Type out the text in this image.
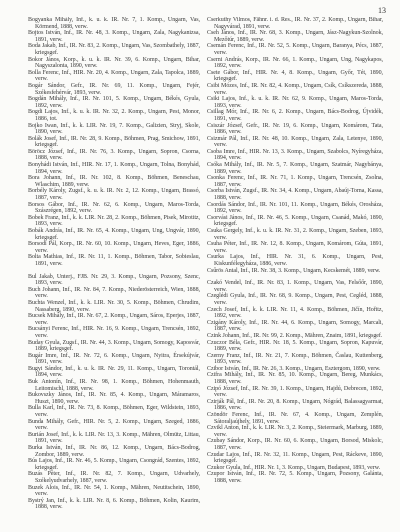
13

Bogyanka Mihály, Inf., k. u. k. IR. Nr. 7, 1. Komp., Ungarn, Vas, Körmend, 1888, verw.

Bojtos István, Inf., IR. Nr. 48, 3. Komp., Ungarn, Zala, Nagykanizsa, 1891, verw.

Boda Jakab, Inf., IR. Nr. 83, 2. Komp., Ungarn, Vas, Szombathely, 1887, kriegsgef.

Bokor János, Korp., k. u. k. IR. Nr. 39, 6. Komp., Ungarn, Bihar, Nagyszalonta, 1890, verw.

Bolla Ferenc, Inf., HIR. Nr. 20, 4. Komp., Ungarn, Zala, Tapolca, 1889, verw.

Bogár Sándor, Gefr., IR. Nr. 69, 11. Komp., Ungarn, Fejér, Székesfehérvár, 1893, verw.

Bogdán Mihály, Inf., IR. Nr. 101, 5. Komp., Ungarn, Békés, Gyula, 1892, verw.

Bogdi Lajos, Inf., k. u. k. IR. Nr. 32, 2. Komp., Ungarn, Pest, Monor, 1886, tot.

Bojko Iwan, Inf., k. k. LIR. Nr. 19, 7. Komp., Galizien, Stryj, Skole, 1890, verw.

Bolák Josef, Inf., IR. Nr. 28, 9. Komp., Böhmen, Prag, Smichow, 1891, kriegsgef.

Böröcz József, Inf., IR. Nr. 76, 3. Komp., Ungarn, Sopron, Csorna, 1888, verw.

Bonyhádi István, Inf., HIR. Nr. 17, 1. Komp., Ungarn, Tolna, Bonyhád, 1894, verw.

Bora Johann, Inf., IR. Nr. 102, 8. Komp., Böhmen, Beneschau, Wlaschim, 1889, verw.

Borbély Károly, Zugsf., k. u. k. IR. Nr. 2, 12. Komp., Ungarn, Brassó, 1887, verw.

Borsos Gábor, Inf., IR. Nr. 62, 6. Komp., Ungarn, Maros-Torda, Szászrégen, 1892, verw.

Bobek Franz, Inf., k. k. LIR. Nr. 28, 2. Komp., Böhmen, Pisek, Mirotitz, 1893, verw.

Bobák András, Inf., IR. Nr. 65, 4. Komp., Ungarn, Ung, Ungvár, 1890, kriegsgef.

Borsodi Pál, Korp., IR. Nr. 60, 10. Komp., Ungarn, Heves, Eger, 1886, verw.

Bolta Mathias, Inf., IR. Nr. 11, 1. Komp., Böhmen, Tabor, Sobieslau, 1891, verw.

Bul Jakab, Unterj., FJB. Nr. 29, 3. Komp., Ungarn, Pozsony, Szenc, 1893, verw.

Buch Johann, Inf., IR. Nr. 84, 7. Komp., Niederösterreich, Wien, 1888, verw.

Buchta Wenzel, Inf., k. k. LIR. Nr. 30, 5. Komp., Böhmen, Chrudim, Nassaberg, 1890, verw.

Bucsek Mihály, Inf., IR. Nr. 67, 2. Komp., Ungarn, Sáros, Eperjes, 1887, verw.

Bucsányi Ferenc, Inf., HIR. Nr. 16, 9. Komp., Ungarn, Trencsén, 1892, verw.

Buday Gyula, Zugsf., IR. Nr. 44, 3. Komp., Ungarn, Somogy, Kaposvár, 1889, kriegsgef.

Bugár Imre, Inf., IR. Nr. 72, 6. Komp., Ungarn, Nyitra, Érsekújvár, 1891, verw.

Bugyi Sándor, Inf., k. u. k. IR. Nr. 29, 11. Komp., Ungarn, Torontál, 1894, verw.

Buk Antonín, Inf., IR. Nr. 98, 1. Komp., Böhmen, Hohenmauth, Leitomischl, 1888, verw.

Bukovszky János, Inf., IR. Nr. 85, 4. Komp., Ungarn, Máramaros, Huszt, 1890, verw.

Bulla Karl, Inf., IR. Nr. 73, 8. Komp., Böhmen, Eger, Wildstein, 1893, verw.

Bunda Mihály, Gefr., HIR. Nr. 5, 2. Komp., Ungarn, Szeged, 1886, verw.

Burián Josef, Inf., k. k. LIR. Nr. 13, 3. Komp., Mähren, Olmütz, Littau, 1891, verw.

Burka István, Inf., IR. Nr. 86, 12. Komp., Ungarn, Bács-Bodrog, Zombor, 1889, verw.

Bús Lajos, Inf., IR. Nr. 46, 5. Komp., Ungarn, Csongrád, Szentes, 1892, kriegsgef.

Buzás Péter, Inf., IR. Nr. 82, 7. Komp., Ungarn, Udvarhely, Székelyudvarhely, 1887, verw.

Buzek Alois, Inf., IR. Nr. 54, 1. Komp., Mähren, Neutitschein, 1890, verw.

Bystrý Jan, Inf., k. k. LIR. Nr. 8, 6. Komp., Böhmen, Kolin, Kaurim, 1888, verw.

Cserkuthy Vilmos, Fähnr. i. d. Res., IR. Nr. 37, 2. Komp., Ungarn, Bihar, Nagyvárad, 1891, verw.

Cseh János, Inf., IR. Nr. 68, 3. Komp., Ungarn, Jász-Nagykun-Szolnok, Mezőtúr, 1889, verw.

Csemán Ferenc, Inf., IR. Nr. 52, 5. Komp., Ungarn, Baranya, Pécs, 1887, verw.

Cserni András, Korp., IR. Nr. 66, 1. Komp., Ungarn, Ung, Nagykapos, 1892, verw.

Csete Gábor, Inf., HIR. Nr. 4, 8. Komp., Ungarn, Győr, Tét, 1890, kriegsgef.

Csibi Mózes, Inf., IR. Nr. 82, 4. Komp., Ungarn, Csík, Csíkszereda, 1888, verw.

Csiki Lajos, Inf., k. u. k. IR. Nr. 62, 9. Komp., Ungarn, Maros-Torda, 1893, verw.

Csillag Mór, Inf., IR. Nr. 6, 2. Komp., Ungarn, Bács-Bodrog, Újvidék, 1891, verw.

Csiszár József, Gefr., IR. Nr. 19, 6. Komp., Ungarn, Komárom, Tata, 1886, verw.

Csizmár Pál, Inf., IR. Nr. 48, 10. Komp., Ungarn, Zala, Letenye, 1890, verw.

Csoba Imre, Inf., HIR. Nr. 13, 3. Komp., Ungarn, Szabolcs, Nyíregyháza, 1894, verw.

Csóka Mihály, Inf., IR. Nr. 5, 7. Komp., Ungarn, Szatmár, Nagybánya, 1889, verw.

Csonka Ferenc, Inf., IR. Nr. 71, 1. Komp., Ungarn, Trencsén, Zsolna, 1887, verw.

Csorba István, Zugsf., IR. Nr. 34, 4. Komp., Ungarn, Abaúj-Torna, Kassa, 1888, verw.

Csordás Sándor, Inf., IR. Nr. 101, 11. Komp., Ungarn, Békés, Orosháza, 1892, verw.

Csorvási János, Inf., IR. Nr. 46, 5. Komp., Ungarn, Csanád, Makó, 1890, kriegsgef.

Csuka Gergely, Inf., k. u. k. IR. Nr. 31, 2. Komp., Ungarn, Szeben, 1893, verw.

Csuha Péter, Inf., IR. Nr. 12, 8. Komp., Ungarn, Komárom, Gúta, 1891, verw.

Csurka Lajos, Inf., HIR. Nr. 31, 6. Komp., Ungarn, Pest, Kiskunfélegyháza, 1886, verw.

Csűrös Antal, Inf., IR. Nr. 38, 3. Komp., Ungarn, Kecskemét, 1889, verw.

Czakó Vendel, Inf., IR. Nr. 83, 1. Komp., Ungarn, Vas, Felsőőr, 1890, verw.

Czeglédi Gyula, Inf., IR. Nr. 68, 9. Komp., Ungarn, Pest, Cegléd, 1888, verw.

Czech Josef, Inf., k. k. LIR. Nr. 11, 4. Komp., Böhmen, Jičín, Hořitz, 1892, verw.

Czigány Károly, Inf., IR. Nr. 44, 6. Komp., Ungarn, Somogy, Marcali, 1887, verw.

Czink Johann, Inf., IR. Nr. 99, 2. Komp., Mähren, Znaim, 1891, kriegsgef.

Czuczor Béla, Gefr., HIR. Nr. 18, 5. Komp., Ungarn, Sopron, Kapuvár, 1889, verw.

Czerny Franz, Inf., IR. Nr. 21, 7. Komp., Böhmen, Časlau, Kuttenberg, 1893, verw.

Czibor István, Inf., IR. Nr. 26, 3. Komp., Ungarn, Esztergom, 1890, verw.

Czifra Mihály, Inf., IR. Nr. 85, 10. Komp., Ungarn, Bereg, Munkács, 1888, verw.

Czipó József, Inf., IR. Nr. 39, 1. Komp., Ungarn, Hajdú, Debrecen, 1892, verw.

Czirják Pál, Inf., IR. Nr. 20, 8. Komp., Ungarn, Nógrád, Balassagyarmat, 1886, verw.

Czöndör Ferenc, Inf., IR. Nr. 67, 4. Komp., Ungarn, Zemplén, Sátoraljaújhely, 1891, verw.

Czvikl Anton, Inf., k. k. LIR. Nr. 3, 2. Komp., Steiermark, Marburg, 1889, verw.

Czubay Sándor, Korp., IR. Nr. 60, 6. Komp., Ungarn, Borsod, Miskolc, 1887, verw.

Czudar Lajos, Inf., IR. Nr. 32, 11. Komp., Ungarn, Pest, Ráckeve, 1890, kriegsgef.

Czukor Gyula, Inf., HIR. Nr. 1, 3. Komp., Ungarn, Budapest, 1893, verw.

Czupor István, Inf., IR. Nr. 72, 5. Komp., Ungarn, Pozsony, Galánta, 1888, verw.
